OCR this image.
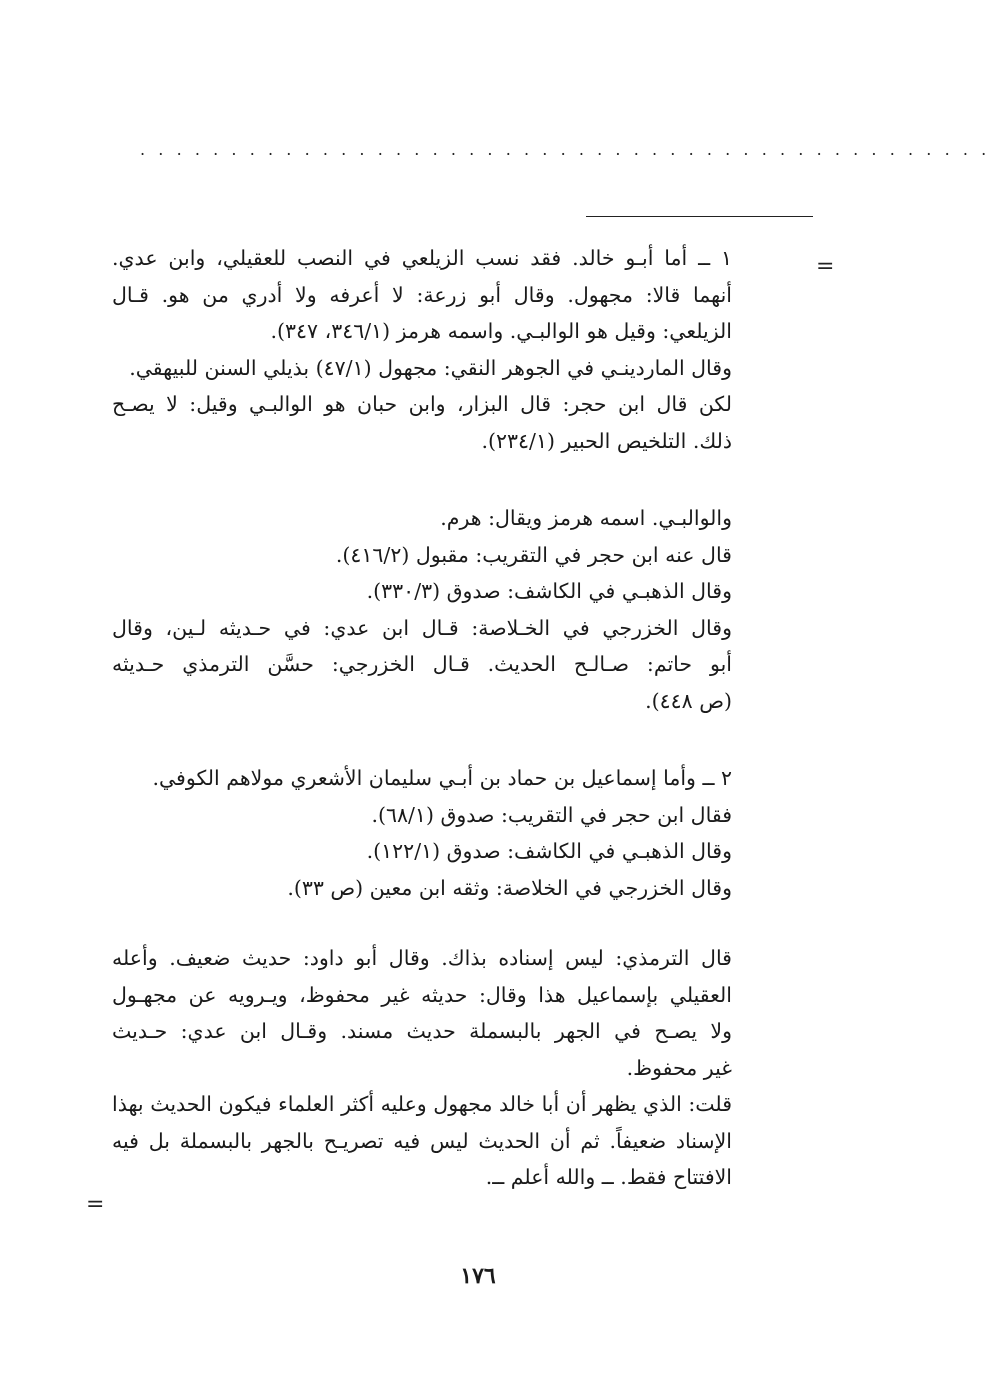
...............................................
=
=
١ ــ أما أبـو خالد. فقد نسب الزيلعي في النصب للعقيلي، وابن عدي.
أنهما قالا: مجهول. وقال أبو زرعة: لا أعرفه ولا أدري من هو. قـال
الزيلعي: وقيل هو الوالبـي. واسمه هرمز (٣٤٦/١، ٣٤٧).
وقال الماردينـي في الجوهر النقي: مجهول (٤٧/١) بذيلي السنن للبيهقي.
لكن قال ابن حجر: قال البزار، وابن حبان هو الوالبـي وقيل: لا يصـح
ذلك. التلخيص الحبير (٢٣٤/١).
والوالبـي. اسمه هرمز ويقال: هرم.
قال عنه ابن حجر في التقريب: مقبول (٤١٦/٢).
وقال الذهبـي في الكاشف: صدوق (٣٣٠/٣).
وقال الخزرجي في الخـلاصة: قـال ابن عدي: في حـديثه لـين، وقال
أبو حاتم: صـالـح الحديث. قـال الخزرجي: حسَّن الترمذي حـديثه
(ص ٤٤٨).
٢ ــ وأما إسماعيل بن حماد بن أبـي سليمان الأشعري مولاهم الكوفي.
فقال ابن حجر في التقريب: صدوق (٦٨/١).
وقال الذهبـي في الكاشف: صدوق (١٢٢/١).
وقال الخزرجي في الخلاصة: وثقه ابن معين (ص ٣٣).
قال الترمذي: ليس إسناده بذاك. وقال أبو داود: حديث ضعيف. وأعله
العقيلي بإسماعيل هذا وقال: حديثه غير محفوظ، ويـرويه عن مجهـول
ولا يصـح في الجهر بالبسملة حديث مسند. وقـال ابن عدي: حـديث
غير محفوظ.
قلت: الذي يظهر أن أبا خالد مجهول وعليه أكثر العلماء فيكون الحديث بهذا
الإسناد ضعيفاً. ثم أن الحديث ليس فيه تصريـح بالجهر بالبسملة بل فيه
الافتتاح فقط. ــ والله أعلم ــ.
١٧٦
